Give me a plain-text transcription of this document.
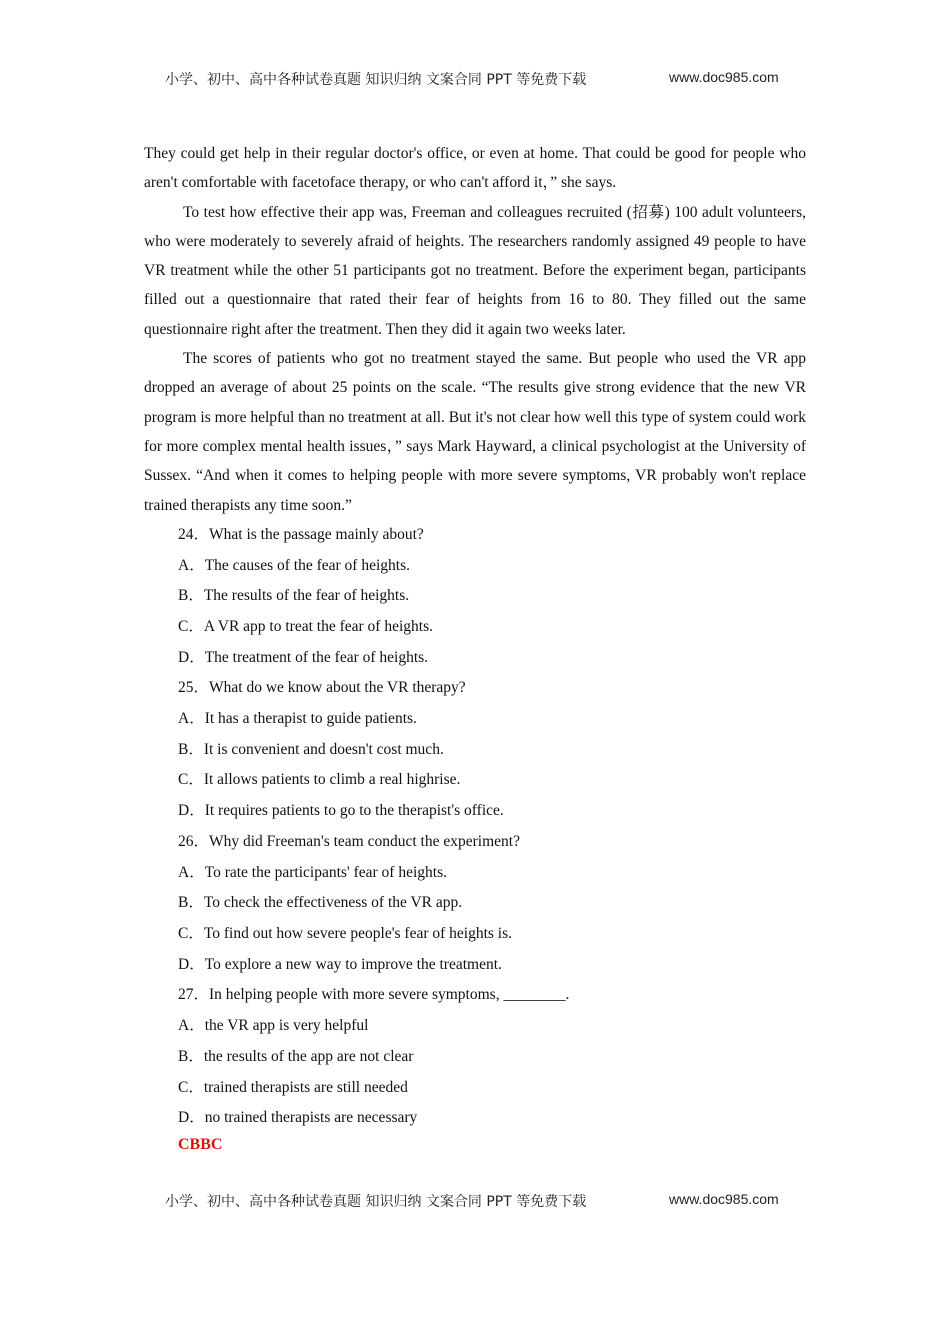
小学、初中、高中各种试卷真题 知识归纳 文案合同 PPT 等免费下载	www.doc985.com

They could get help in their regular doctor's office, or even at home. That could be good for people who aren't comfortable with facetoface therapy, or who can't afford it，” she says.

To test how effective their app was, Freeman and colleagues recruited (招募) 100 adult volunteers, who were moderately to severely afraid of heights. The researchers randomly assigned 49 people to have VR treatment while the other 51 participants got no treatment. Before the experiment began, participants filled out a questionnaire that rated their fear of heights from 16 to 80. They filled out the same questionnaire right after the treatment. Then they did it again two weeks later.

The scores of patients who got no treatment stayed the same. But people who used the VR app dropped an average of about 25 points on the scale. “The results give strong evidence that the new VR program is more helpful than no treatment at all. But it's not clear how well this type of system could work for more complex mental health issues，” says Mark Hayward, a clinical psychologist at the University of Sussex. “And when it comes to helping people with more severe symptoms, VR probably won't replace trained therapists any time soon.”

24．What is the passage mainly about?
A．The causes of the fear of heights.
B．The results of the fear of heights.
C．A VR app to treat the fear of heights.
D．The treatment of the fear of heights.
25．What do we know about the VR therapy?
A．It has a therapist to guide patients.
B．It is convenient and doesn't cost much.
C．It allows patients to climb a real highrise.
D．It requires patients to go to the therapist's office.
26．Why did Freeman's team conduct the experiment?
A．To rate the participants' fear of heights.
B．To check the effectiveness of the VR app.
C．To find out how severe people's fear of heights is.
D．To explore a new way to improve the treatment.
27．In helping people with more severe symptoms, ________.
A．the VR app is very helpful
B．the results of the app are not clear
C．trained therapists are still needed
D．no trained therapists are necessary
CBBC
小学、初中、高中各种试卷真题 知识归纳 文案合同 PPT 等免费下载	www.doc985.com
